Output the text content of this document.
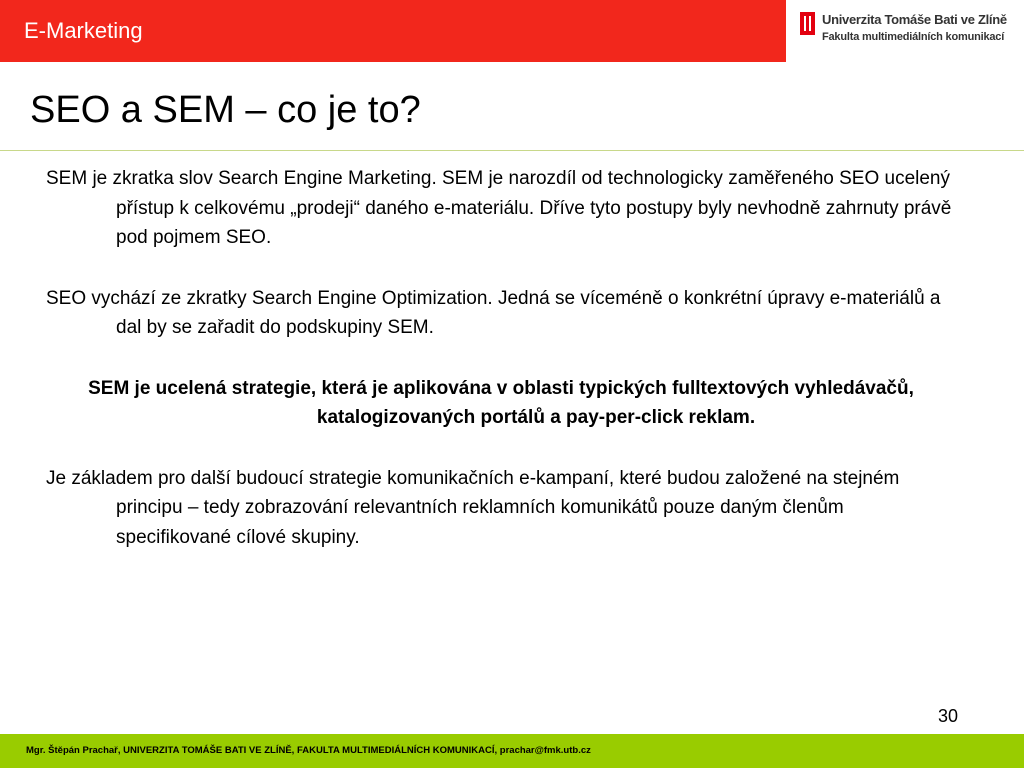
E-Marketing	Univerzita Tomáše Bati ve Zlíně
Fakulta multimediálních komunikací
SEO a SEM – co je to?

SEM je zkratka slov Search Engine Marketing. SEM je narozdíl od technologicky zaměřeného SEO ucelený přístup k celkovému „prodeji“ daného e-materiálu. Dříve tyto postupy byly nevhodně zahrnuty právě pod pojmem SEO.

SEO vychází ze zkratky Search Engine Optimization. Jedná se víceméně o konkrétní úpravy e-materiálů a dal by se zařadit do podskupiny SEM.

SEM je ucelená strategie, která je aplikována v oblasti typických fulltextových vyhledávačů, katalogizovaných portálů a pay-per-click reklam.

Je základem pro další budoucí strategie komunikačních e-kampaní, které budou založené na stejném principu – tedy zobrazování relevantních reklamních komunikátů pouze daným členům specifikované cílové skupiny.

30
Mgr. Štěpán Prachař, UNIVERZITA TOMÁŠE BATI VE ZLÍNĚ, FAKULTA MULTIMEDIÁLNÍCH KOMUNIKACÍ, prachar@fmk.utb.cz
